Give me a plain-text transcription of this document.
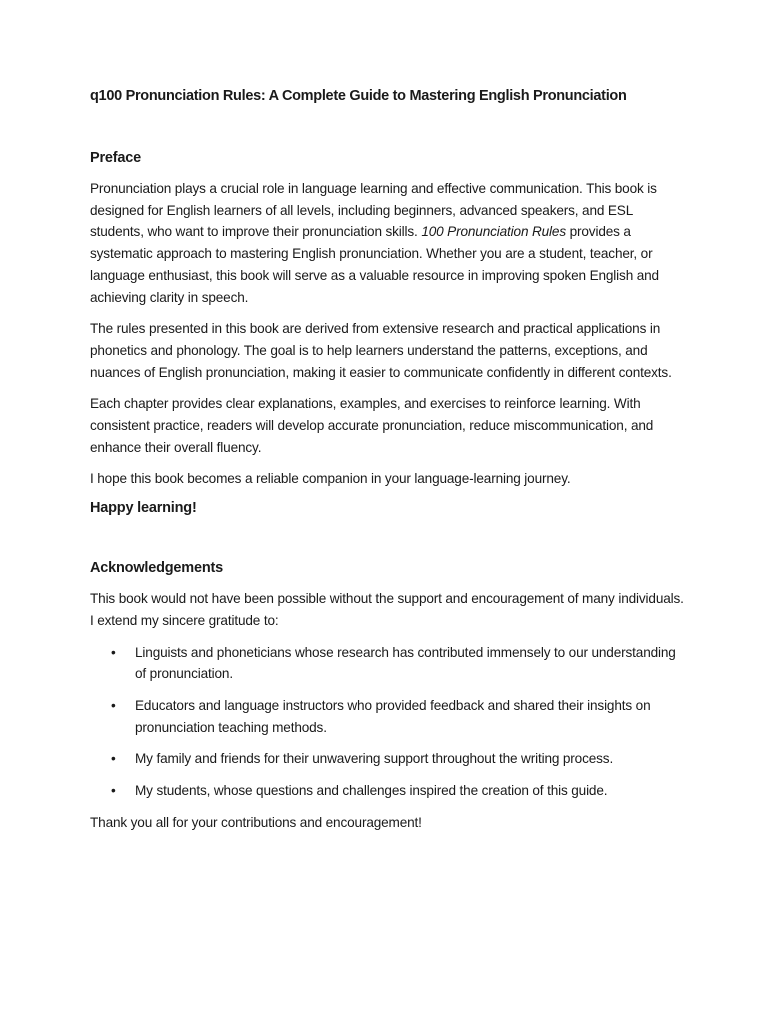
q100 Pronunciation Rules: A Complete Guide to Mastering English Pronunciation
Preface

Pronunciation plays a crucial role in language learning and effective communication. This book is designed for English learners of all levels, including beginners, advanced speakers, and ESL students, who want to improve their pronunciation skills. 100 Pronunciation Rules provides a systematic approach to mastering English pronunciation. Whether you are a student, teacher, or language enthusiast, this book will serve as a valuable resource in improving spoken English and achieving clarity in speech.

The rules presented in this book are derived from extensive research and practical applications in phonetics and phonology. The goal is to help learners understand the patterns, exceptions, and nuances of English pronunciation, making it easier to communicate confidently in different contexts.

Each chapter provides clear explanations, examples, and exercises to reinforce learning. With consistent practice, readers will develop accurate pronunciation, reduce miscommunication, and enhance their overall fluency.

I hope this book becomes a reliable companion in your language-learning journey.

Happy learning!
Acknowledgements

This book would not have been possible without the support and encouragement of many individuals. I extend my sincere gratitude to:

• Linguists and phoneticians whose research has contributed immensely to our understanding of pronunciation.
• Educators and language instructors who provided feedback and shared their insights on pronunciation teaching methods.
• My family and friends for their unwavering support throughout the writing process.
• My students, whose questions and challenges inspired the creation of this guide.

Thank you all for your contributions and encouragement!
